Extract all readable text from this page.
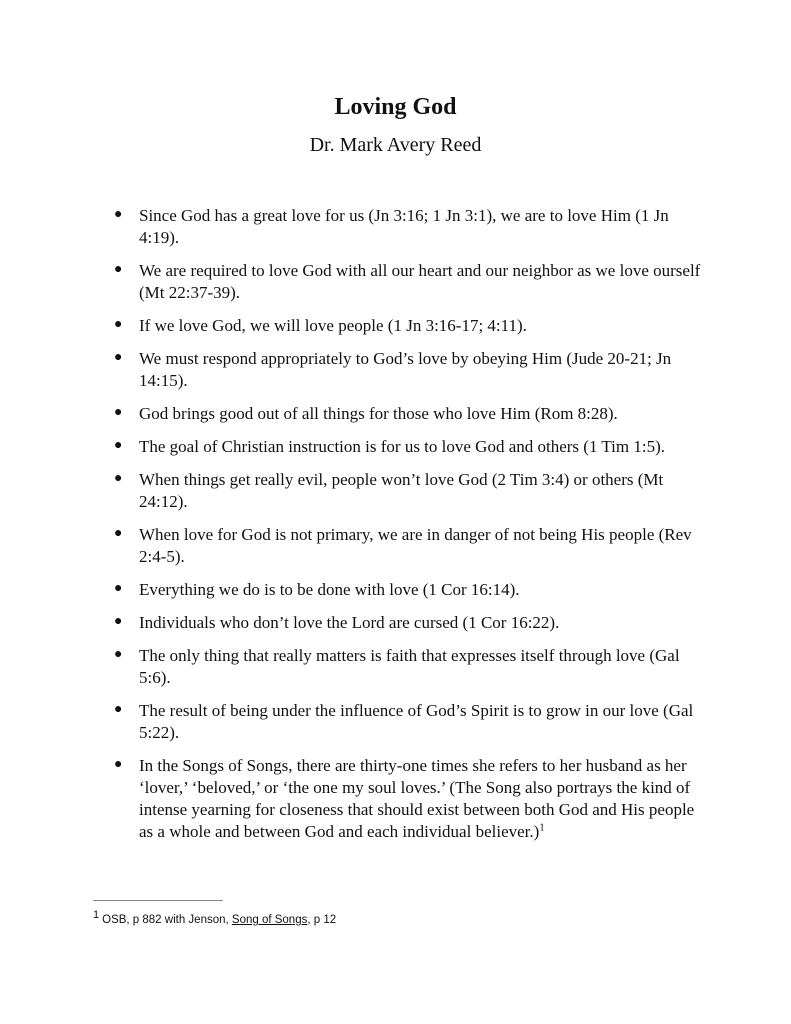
Loving God
Dr. Mark Avery Reed
● Since God has a great love for us (Jn 3:16; 1 Jn 3:1), we are to love Him (1 Jn 4:19).
● We are required to love God with all our heart and our neighbor as we love ourself (Mt 22:37-39).
● If we love God, we will love people (1 Jn 3:16-17; 4:11).
● We must respond appropriately to God’s love by obeying Him (Jude 20-21; Jn 14:15).
● God brings good out of all things for those who love Him (Rom 8:28).
● The goal of Christian instruction is for us to love God and others (1 Tim 1:5).
● When things get really evil, people won’t love God (2 Tim 3:4) or others (Mt 24:12).
● When love for God is not primary, we are in danger of not being His people (Rev 2:4-5).
● Everything we do is to be done with love (1 Cor 16:14).
● Individuals who don’t love the Lord are cursed (1 Cor 16:22).
● The only thing that really matters is faith that expresses itself through love (Gal 5:6).
● The result of being under the influence of God’s Spirit is to grow in our love (Gal 5:22).
● In the Songs of Songs, there are thirty-one times she refers to her husband as her ‘lover,’ ‘beloved,’ or ‘the one my soul loves.’ (The Song also portrays the kind of intense yearning for closeness that should exist between both God and His people as a whole and between God and each individual believer.)$^1$
1 OSB, p 882 with Jenson, Song of Songs, p 12
